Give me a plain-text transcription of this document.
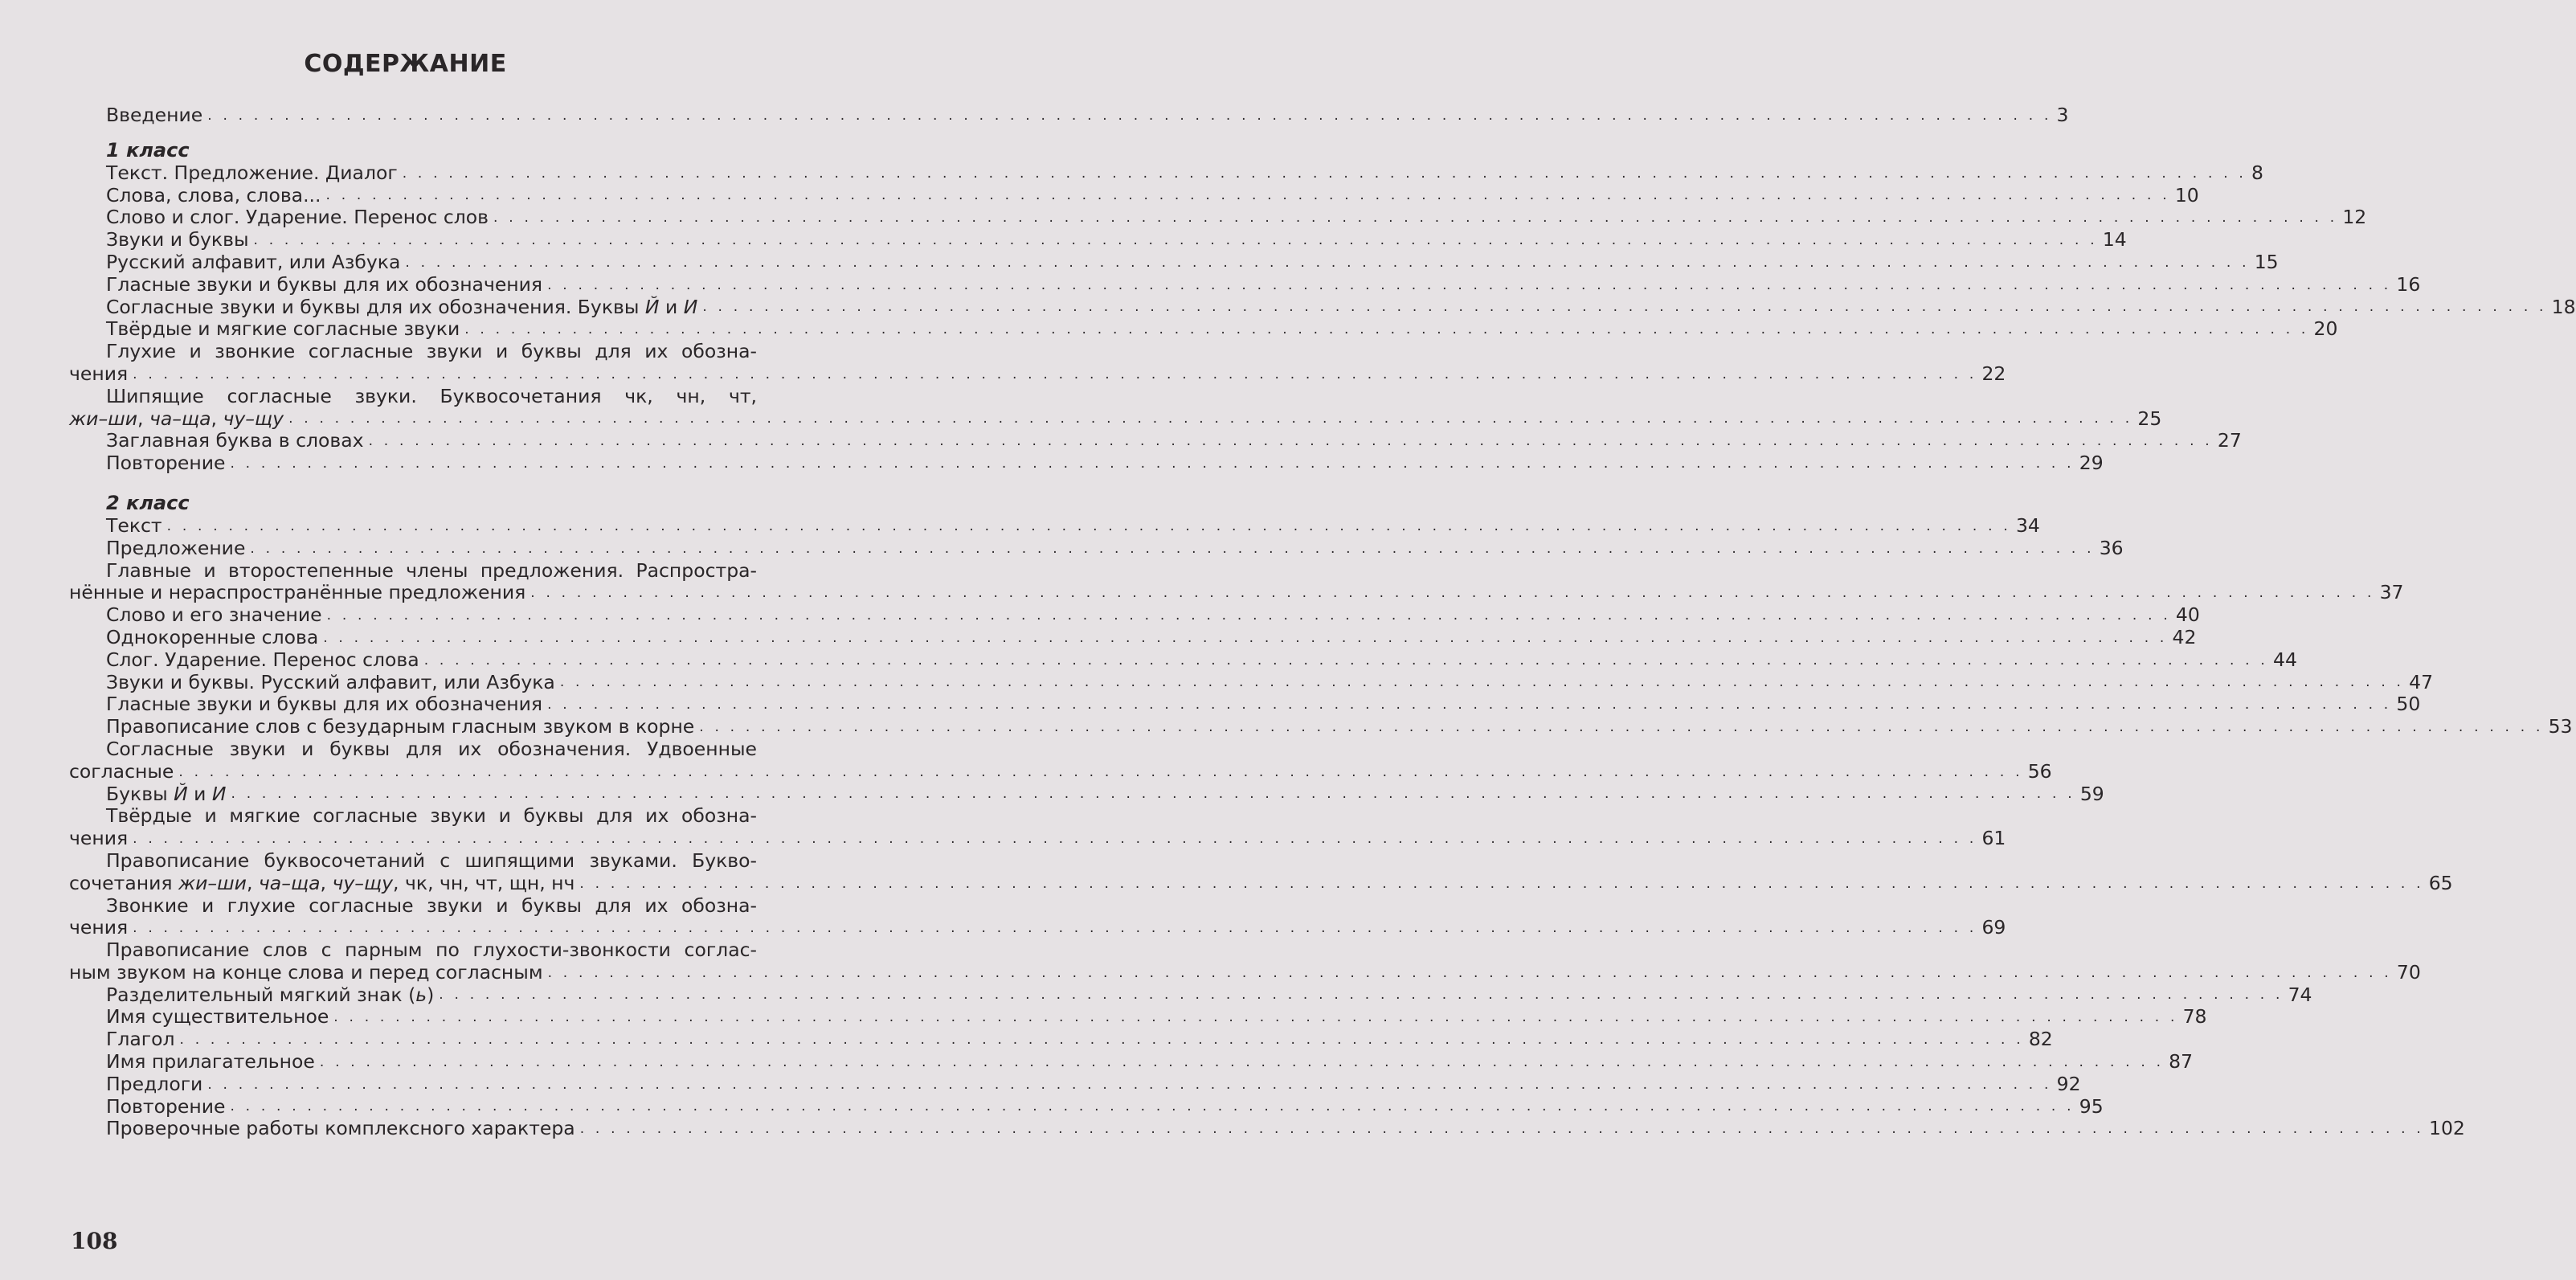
СОДЕРЖАНИЕ
Введение . . . . . . . . . . . . . . . . . . . . . . . . . . . . . . . . . . . . . . . . . . . . . . . . . . . . . . . . . . . . . . . . . . . . . . . . . . . . . . . . . . . . . . . . . . . . . . . . . . . . . . . . . . . . . . . . . . . . . . . . 3
1 класс
Текст. Предложение. Диалог . . . . . . . . . . . . . . . . . . . . . . . . . . . . . . . . . . . . . . . . . . . . . . . . . . . . . . . . . . . . . . . . . . . . . . . . . . . . . . . . . . . . . . . . . . . . . . . . . . . . . . . . . . . . . . . . . . . . . . . . 8
Слова, слова, слова... . . . . . . . . . . . . . . . . . . . . . . . . . . . . . . . . . . . . . . . . . . . . . . . . . . . . . . . . . . . . . . . . . . . . . . . . . . . . . . . . . . . . . . . . . . . . . . . . . . . . . . . . . . . . . . . . . . . . . . . . 10
Слово и слог. Ударение. Перенос слов . . . . . . . . . . . . . . . . . . . . . . . . . . . . . . . . . . . . . . . . . . . . . . . . . . . . . . . . . . . . . . . . . . . . . . . . . . . . . . . . . . . . . . . . . . . . . . . . . . . . . . . . . . . . . . . . . . . . . . . . 12
Звуки и буквы . . . . . . . . . . . . . . . . . . . . . . . . . . . . . . . . . . . . . . . . . . . . . . . . . . . . . . . . . . . . . . . . . . . . . . . . . . . . . . . . . . . . . . . . . . . . . . . . . . . . . . . . . . . . . . . . . . . . . . . . 14
Русский алфавит, или Азбука . . . . . . . . . . . . . . . . . . . . . . . . . . . . . . . . . . . . . . . . . . . . . . . . . . . . . . . . . . . . . . . . . . . . . . . . . . . . . . . . . . . . . . . . . . . . . . . . . . . . . . . . . . . . . . . . . . . . . . . . 15
Гласные звуки и буквы для их обозначения . . . . . . . . . . . . . . . . . . . . . . . . . . . . . . . . . . . . . . . . . . . . . . . . . . . . . . . . . . . . . . . . . . . . . . . . . . . . . . . . . . . . . . . . . . . . . . . . . . . . . . . . . . . . . . . . . . . . . . . . 16
Согласные звуки и буквы для их обозначения. Буквы Й и И . . . . . . . . . . . . . . . . . . . . . . . . . . . . . . . . . . . . . . . . . . . . . . . . . . . . . . . . . . . . . . . . . . . . . . . . . . . . . . . . . . . . . . . . . . . . . . . . . . . . . . . . . . . . . . . . . . . . . . . . 18
Твёрдые и мягкие согласные звуки . . . . . . . . . . . . . . . . . . . . . . . . . . . . . . . . . . . . . . . . . . . . . . . . . . . . . . . . . . . . . . . . . . . . . . . . . . . . . . . . . . . . . . . . . . . . . . . . . . . . . . . . . . . . . . . . . . . . . . . . 20
Глухие и звонкие согласные звуки и буквы для их обозна-
чения . . . . . . . . . . . . . . . . . . . . . . . . . . . . . . . . . . . . . . . . . . . . . . . . . . . . . . . . . . . . . . . . . . . . . . . . . . . . . . . . . . . . . . . . . . . . . . . . . . . . . . . . . . . . . . . . . . . . . . . . 22
Шипящие согласные звуки. Буквосочетания чк, чн, чт,
жи–ши, ча–ща, чу–щу . . . . . . . . . . . . . . . . . . . . . . . . . . . . . . . . . . . . . . . . . . . . . . . . . . . . . . . . . . . . . . . . . . . . . . . . . . . . . . . . . . . . . . . . . . . . . . . . . . . . . . . . . . . . . . . . . . . . . . . . 25
Заглавная буква в словах . . . . . . . . . . . . . . . . . . . . . . . . . . . . . . . . . . . . . . . . . . . . . . . . . . . . . . . . . . . . . . . . . . . . . . . . . . . . . . . . . . . . . . . . . . . . . . . . . . . . . . . . . . . . . . . . . . . . . . . . 27
Повторение . . . . . . . . . . . . . . . . . . . . . . . . . . . . . . . . . . . . . . . . . . . . . . . . . . . . . . . . . . . . . . . . . . . . . . . . . . . . . . . . . . . . . . . . . . . . . . . . . . . . . . . . . . . . . . . . . . . . . . . . 29
2 класс
Текст . . . . . . . . . . . . . . . . . . . . . . . . . . . . . . . . . . . . . . . . . . . . . . . . . . . . . . . . . . . . . . . . . . . . . . . . . . . . . . . . . . . . . . . . . . . . . . . . . . . . . . . . . . . . . . . . . . . . . . . . 34
Предложение . . . . . . . . . . . . . . . . . . . . . . . . . . . . . . . . . . . . . . . . . . . . . . . . . . . . . . . . . . . . . . . . . . . . . . . . . . . . . . . . . . . . . . . . . . . . . . . . . . . . . . . . . . . . . . . . . . . . . . . . 36
Главные и второстепенные члены предложения. Распростра-
нённые и нераспространённые предложения . . . . . . . . . . . . . . . . . . . . . . . . . . . . . . . . . . . . . . . . . . . . . . . . . . . . . . . . . . . . . . . . . . . . . . . . . . . . . . . . . . . . . . . . . . . . . . . . . . . . . . . . . . . . . . . . . . . . . . . . 37
Слово и его значение . . . . . . . . . . . . . . . . . . . . . . . . . . . . . . . . . . . . . . . . . . . . . . . . . . . . . . . . . . . . . . . . . . . . . . . . . . . . . . . . . . . . . . . . . . . . . . . . . . . . . . . . . . . . . . . . . . . . . . . . 40
Однокоренные слова . . . . . . . . . . . . . . . . . . . . . . . . . . . . . . . . . . . . . . . . . . . . . . . . . . . . . . . . . . . . . . . . . . . . . . . . . . . . . . . . . . . . . . . . . . . . . . . . . . . . . . . . . . . . . . . . . . . . . . . . 42
Слог. Ударение. Перенос слова . . . . . . . . . . . . . . . . . . . . . . . . . . . . . . . . . . . . . . . . . . . . . . . . . . . . . . . . . . . . . . . . . . . . . . . . . . . . . . . . . . . . . . . . . . . . . . . . . . . . . . . . . . . . . . . . . . . . . . . . 44
Звуки и буквы. Русский алфавит, или Азбука . . . . . . . . . . . . . . . . . . . . . . . . . . . . . . . . . . . . . . . . . . . . . . . . . . . . . . . . . . . . . . . . . . . . . . . . . . . . . . . . . . . . . . . . . . . . . . . . . . . . . . . . . . . . . . . . . . . . . . . . 47
Гласные звуки и буквы для их обозначения . . . . . . . . . . . . . . . . . . . . . . . . . . . . . . . . . . . . . . . . . . . . . . . . . . . . . . . . . . . . . . . . . . . . . . . . . . . . . . . . . . . . . . . . . . . . . . . . . . . . . . . . . . . . . . . . . . . . . . . . 50
Правописание слов с безударным гласным звуком в корне . . . . . . . . . . . . . . . . . . . . . . . . . . . . . . . . . . . . . . . . . . . . . . . . . . . . . . . . . . . . . . . . . . . . . . . . . . . . . . . . . . . . . . . . . . . . . . . . . . . . . . . . . . . . . . . . . . . . . . . . 53
Согласные звуки и буквы для их обозначения. Удвоенные
согласные . . . . . . . . . . . . . . . . . . . . . . . . . . . . . . . . . . . . . . . . . . . . . . . . . . . . . . . . . . . . . . . . . . . . . . . . . . . . . . . . . . . . . . . . . . . . . . . . . . . . . . . . . . . . . . . . . . . . . . . . 56
Буквы Й и И . . . . . . . . . . . . . . . . . . . . . . . . . . . . . . . . . . . . . . . . . . . . . . . . . . . . . . . . . . . . . . . . . . . . . . . . . . . . . . . . . . . . . . . . . . . . . . . . . . . . . . . . . . . . . . . . . . . . . . . . 59
Твёрдые и мягкие согласные звуки и буквы для их обозна-
чения . . . . . . . . . . . . . . . . . . . . . . . . . . . . . . . . . . . . . . . . . . . . . . . . . . . . . . . . . . . . . . . . . . . . . . . . . . . . . . . . . . . . . . . . . . . . . . . . . . . . . . . . . . . . . . . . . . . . . . . . 61
Правописание буквосочетаний с шипящими звуками. Букво-
сочетания жи–ши, ча–ща, чу–щу, чк, чн, чт, щн, нч . . . . . . . . . . . . . . . . . . . . . . . . . . . . . . . . . . . . . . . . . . . . . . . . . . . . . . . . . . . . . . . . . . . . . . . . . . . . . . . . . . . . . . . . . . . . . . . . . . . . . . . . . . . . . . . . . . . . . . . . 65
Звонкие и глухие согласные звуки и буквы для их обозна-
чения . . . . . . . . . . . . . . . . . . . . . . . . . . . . . . . . . . . . . . . . . . . . . . . . . . . . . . . . . . . . . . . . . . . . . . . . . . . . . . . . . . . . . . . . . . . . . . . . . . . . . . . . . . . . . . . . . . . . . . . . 69
Правописание слов с парным по глухости-звонкости соглас-
ным звуком на конце слова и перед согласным . . . . . . . . . . . . . . . . . . . . . . . . . . . . . . . . . . . . . . . . . . . . . . . . . . . . . . . . . . . . . . . . . . . . . . . . . . . . . . . . . . . . . . . . . . . . . . . . . . . . . . . . . . . . . . . . . . . . . . . . 70
Разделительный мягкий знак (ь) . . . . . . . . . . . . . . . . . . . . . . . . . . . . . . . . . . . . . . . . . . . . . . . . . . . . . . . . . . . . . . . . . . . . . . . . . . . . . . . . . . . . . . . . . . . . . . . . . . . . . . . . . . . . . . . . . . . . . . . . 74
Имя существительное . . . . . . . . . . . . . . . . . . . . . . . . . . . . . . . . . . . . . . . . . . . . . . . . . . . . . . . . . . . . . . . . . . . . . . . . . . . . . . . . . . . . . . . . . . . . . . . . . . . . . . . . . . . . . . . . . . . . . . . . 78
Глагол . . . . . . . . . . . . . . . . . . . . . . . . . . . . . . . . . . . . . . . . . . . . . . . . . . . . . . . . . . . . . . . . . . . . . . . . . . . . . . . . . . . . . . . . . . . . . . . . . . . . . . . . . . . . . . . . . . . . . . . . 82
Имя прилагательное . . . . . . . . . . . . . . . . . . . . . . . . . . . . . . . . . . . . . . . . . . . . . . . . . . . . . . . . . . . . . . . . . . . . . . . . . . . . . . . . . . . . . . . . . . . . . . . . . . . . . . . . . . . . . . . . . . . . . . . . 87
Предлоги . . . . . . . . . . . . . . . . . . . . . . . . . . . . . . . . . . . . . . . . . . . . . . . . . . . . . . . . . . . . . . . . . . . . . . . . . . . . . . . . . . . . . . . . . . . . . . . . . . . . . . . . . . . . . . . . . . . . . . . . 92
Повторение . . . . . . . . . . . . . . . . . . . . . . . . . . . . . . . . . . . . . . . . . . . . . . . . . . . . . . . . . . . . . . . . . . . . . . . . . . . . . . . . . . . . . . . . . . . . . . . . . . . . . . . . . . . . . . . . . . . . . . . . 95
Проверочные работы комплексного характера . . . . . . . . . . . . . . . . . . . . . . . . . . . . . . . . . . . . . . . . . . . . . . . . . . . . . . . . . . . . . . . . . . . . . . . . . . . . . . . . . . . . . . . . . . . . . . . . . . . . . . . . . . . . . . . . . . . . . . . . 102
108
